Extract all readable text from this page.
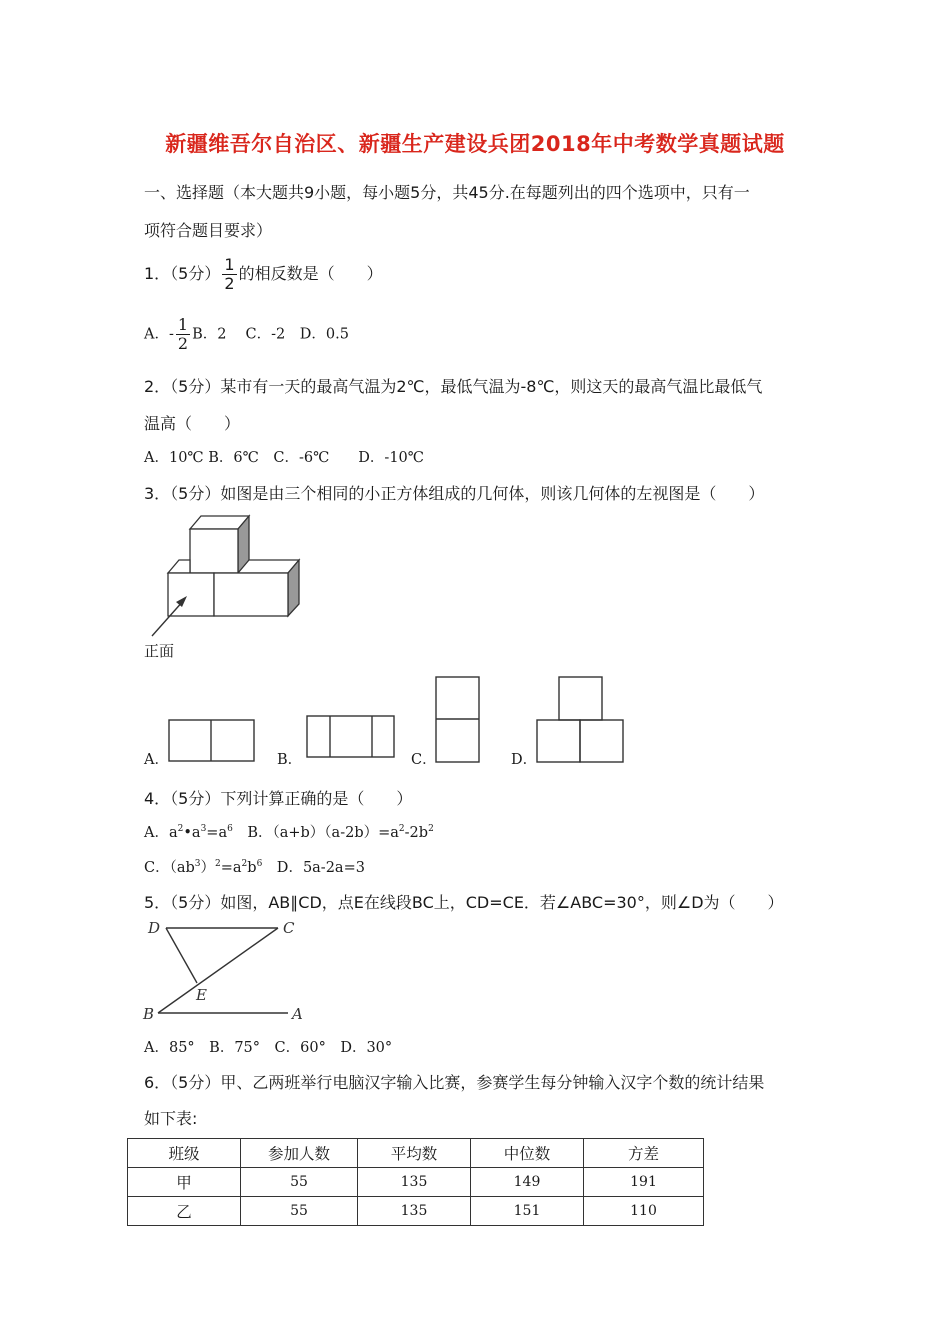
新疆维吾尔自治区、新疆生产建设兵团2018年中考数学真题试题
一、选择题（本大题共9小题，每小题5分，共45分.在每题列出的四个选项中，只有一
项符合题目要求）
1．（5分） $\frac{1}{2}$ 的相反数是（　　）
A．- $\frac{1}{2}$ B．2　 C．-2　D．0.5
2．（5分）某市有一天的最高气温为2℃，最低气温为-8℃，则这天的最高气温比最低气
温高（　　）
A．10℃ B．6℃　C．-6℃　　D．-10℃
3．（5分）如图是由三个相同的小正方体组成的几何体，则该几何体的左视图是（　　）
正面
A．	B．	C．	D．
4．（5分）下列计算正确的是（　　）
A．$a^2•a^3=a^6$　B．$(a+b)(a-2b)=a^2-2b^2$
C．$(ab^3)^2=a^2b^6$　D．5a-2a=3
5．（5分）如图，AB∥CD，点E在线段BC上，CD=CE．若∠ABC=30°，则∠D为（　　）
D	C
E
B	A
A．85°　B．75°　C．60°　D．30°
6．（5分）甲、乙两班举行电脑汉字输入比赛，参赛学生每分钟输入汉字个数的统计结果
如下表:
班级	参加人数	平均数	中位数	方差
甲	55	135	149	191
乙	55	135	151	110
